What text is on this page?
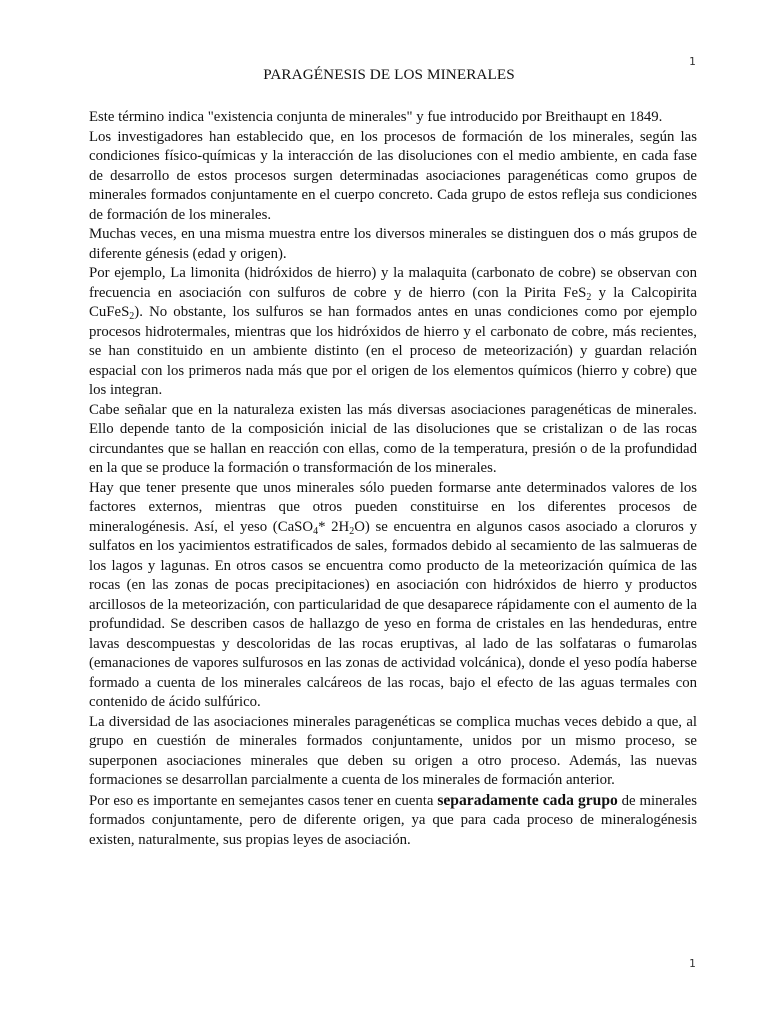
1
PARAGÉNESIS DE LOS MINERALES

Este término indica "existencia conjunta de minerales" y fue introducido por Breithaupt en 1849.

Los investigadores han establecido que, en los procesos de formación de los minerales, según las condiciones físico-químicas y la interacción de las disoluciones con el medio ambiente, en cada fase de desarrollo de estos procesos surgen determinadas asociaciones paragenéticas como grupos de minerales formados conjuntamente en el cuerpo concreto. Cada grupo de estos refleja sus condiciones de formación de los minerales.

Muchas veces, en una misma muestra entre los diversos minerales se distinguen dos o más grupos de diferente génesis (edad y origen).

Por ejemplo, La limonita (hidróxidos de hierro) y la malaquita (carbonato de cobre) se observan con frecuencia en asociación con sulfuros de cobre y de hierro (con la Pirita FeS$_2$ y la Calcopirita CuFeS$_2$). No obstante, los sulfuros se han formados antes en unas condiciones como por ejemplo procesos hidrotermales, mientras que los hidróxidos de hierro y el carbonato de cobre, más recientes, se han constituido en un ambiente distinto (en el proceso de meteorización) y guardan relación espacial con los primeros nada más que por el origen de los elementos químicos (hierro y cobre) que los integran.

Cabe señalar que en la naturaleza existen las más diversas asociaciones paragenéticas de minerales. Ello depende tanto de la composición inicial de las disoluciones que se cristalizan o de las rocas circundantes que se hallan en reacción con ellas, como de la temperatura, presión o de la profundidad en la que se produce la formación o transformación de los minerales.

Hay que tener presente que unos minerales sólo pueden formarse ante determinados valores de los factores externos, mientras que otros pueden constituirse en los diferentes procesos de mineralogénesis. Así, el yeso (CaSO$_4$* $2H_2O$) se encuentra en algunos casos asociado a cloruros y sulfatos en los yacimientos estratificados de sales, formados debido al secamiento de las salmueras de los lagos y lagunas. En otros casos se encuentra como producto de la meteorización química de las rocas (en las zonas de pocas precipitaciones) en asociación con hidróxidos de hierro y productos arcillosos de la meteorización, con particularidad de que desaparece rápidamente con el aumento de la profundidad. Se describen casos de hallazgo de yeso en forma de cristales en las hendeduras, entre lavas descompuestas y descoloridas de las rocas eruptivas, al lado de las solfataras o fumarolas (emanaciones de vapores sulfurosos en las zonas de actividad volcánica), donde el yeso podía haberse formado a cuenta de los minerales calcáreos de las rocas, bajo el efecto de las aguas termales con contenido de ácido sulfúrico.

La diversidad de las asociaciones minerales paragenéticas se complica muchas veces debido a que, al grupo en cuestión de minerales formados conjuntamente, unidos por un mismo proceso, se superponen asociaciones minerales que deben su origen a otro proceso. Además, las nuevas formaciones se desarrollan parcialmente a cuenta de los minerales de formación anterior.

Por eso es importante en semejantes casos tener en cuenta separadamente cada grupo de minerales formados conjuntamente, pero de diferente origen, ya que para cada proceso de mineralogénesis existen, naturalmente, sus propias leyes de asociación.

1
